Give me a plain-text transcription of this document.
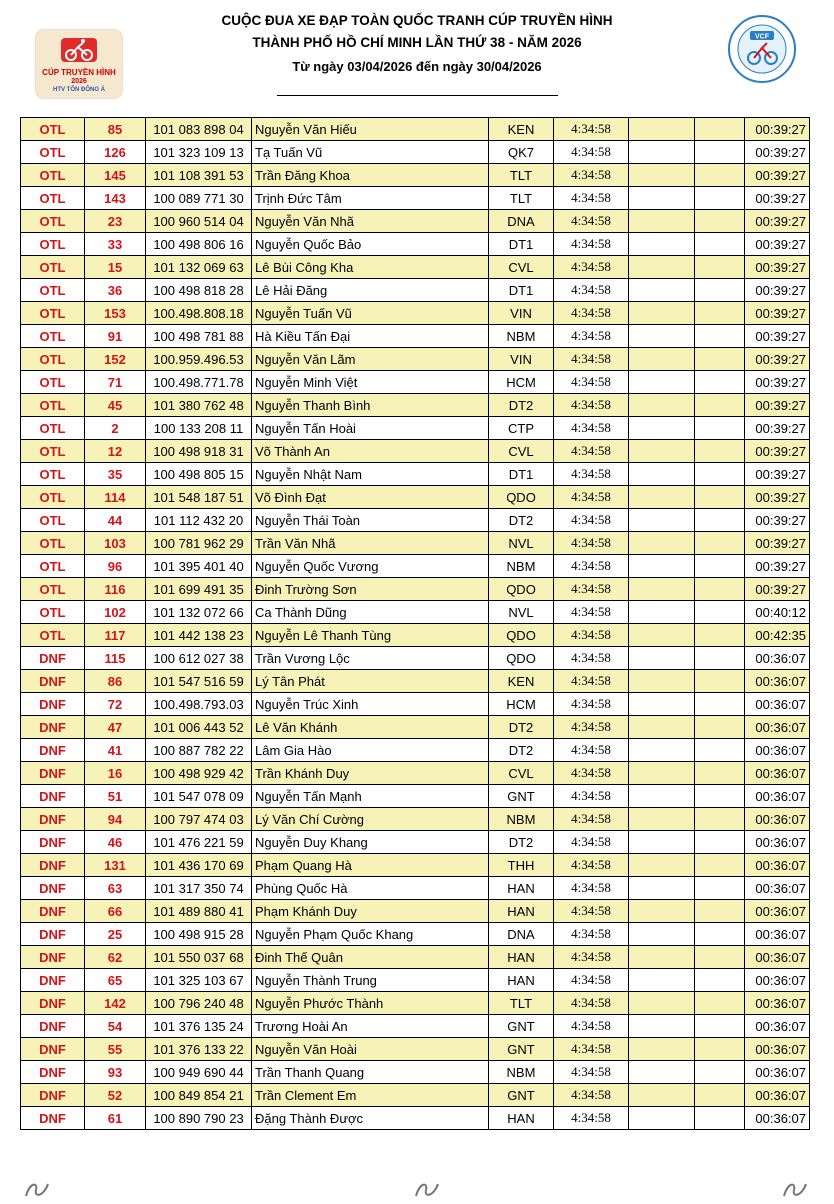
CÚP TRUYỀN HÌNH
2026
HTV TÔN ĐÔNG Á
CUỘC ĐUA XE ĐẠP TOÀN QUỐC TRANH CÚP TRUYỀN HÌNH
THÀNH PHỐ HỒ CHÍ MINH LẦN THỨ 38 - NĂM 2026
Từ ngày 03/04/2026 đến ngày 30/04/2026
VCF
OTL	85	101 083 898 04	Nguyễn Văn Hiếu	KEN	4:34:58			00:39:27
OTL	126	101 323 109 13	Tạ Tuấn Vũ	QK7	4:34:58			00:39:27
OTL	145	101 108 391 53	Trần Đăng Khoa	TLT	4:34:58			00:39:27
OTL	143	100 089 771 30	Trịnh Đức Tâm	TLT	4:34:58			00:39:27
OTL	23	100 960 514 04	Nguyễn Văn Nhã	DNA	4:34:58			00:39:27
OTL	33	100 498 806 16	Nguyễn Quốc Bảo	DT1	4:34:58			00:39:27
OTL	15	101 132 069 63	Lê Bùi Công Kha	CVL	4:34:58			00:39:27
OTL	36	100 498 818 28	Lê Hải Đăng	DT1	4:34:58			00:39:27
OTL	153	100.498.808.18	Nguyễn Tuấn Vũ	VIN	4:34:58			00:39:27
OTL	91	100 498 781 88	Hà Kiều Tấn Đại	NBM	4:34:58			00:39:27
OTL	152	100.959.496.53	Nguyễn Văn Lãm	VIN	4:34:58			00:39:27
OTL	71	100.498.771.78	Nguyễn Minh Việt	HCM	4:34:58			00:39:27
OTL	45	101 380 762 48	Nguyễn Thanh Bình	DT2	4:34:58			00:39:27
OTL	2	100 133 208 11	Nguyễn Tấn Hoài	CTP	4:34:58			00:39:27
OTL	12	100 498 918 31	Võ Thành An	CVL	4:34:58			00:39:27
OTL	35	100 498 805 15	Nguyễn Nhật Nam	DT1	4:34:58			00:39:27
OTL	114	101 548 187 51	Võ Đình Đạt	QDO	4:34:58			00:39:27
OTL	44	101 112 432 20	Nguyễn Thái Toàn	DT2	4:34:58			00:39:27
OTL	103	100 781 962 29	Trần Văn Nhã	NVL	4:34:58			00:39:27
OTL	96	101 395 401 40	Nguyễn Quốc Vương	NBM	4:34:58			00:39:27
OTL	116	101 699 491 35	Đinh Trường Sơn	QDO	4:34:58			00:39:27
OTL	102	101 132 072 66	Ca Thành Dũng	NVL	4:34:58			00:40:12
OTL	117	101 442 138 23	Nguyễn Lê Thanh Tùng	QDO	4:34:58			00:42:35
DNF	115	100 612 027 38	Trần Vương Lộc	QDO	4:34:58			00:36:07
DNF	86	101 547 516 59	Lý Tân Phát	KEN	4:34:58			00:36:07
DNF	72	100.498.793.03	Nguyễn Trúc Xinh	HCM	4:34:58			00:36:07
DNF	47	101 006 443 52	Lê Văn Khánh	DT2	4:34:58			00:36:07
DNF	41	100 887 782 22	Lâm Gia Hào	DT2	4:34:58			00:36:07
DNF	16	100 498 929 42	Trần Khánh Duy	CVL	4:34:58			00:36:07
DNF	51	101 547 078 09	Nguyễn Tấn Mạnh	GNT	4:34:58			00:36:07
DNF	94	100 797 474 03	Lý Văn Chí Cường	NBM	4:34:58			00:36:07
DNF	46	101 476 221 59	Nguyễn Duy Khang	DT2	4:34:58			00:36:07
DNF	131	101 436 170 69	Phạm Quang Hà	THH	4:34:58			00:36:07
DNF	63	101 317 350 74	Phùng Quốc Hà	HAN	4:34:58			00:36:07
DNF	66	101 489 880 41	Phạm Khánh Duy	HAN	4:34:58			00:36:07
DNF	25	100 498 915 28	Nguyễn Phạm Quốc Khang	DNA	4:34:58			00:36:07
DNF	62	101 550 037 68	Đinh Thế Quân	HAN	4:34:58			00:36:07
DNF	65	101 325 103 67	Nguyễn Thành Trung	HAN	4:34:58			00:36:07
DNF	142	100 796 240 48	Nguyễn Phước Thành	TLT	4:34:58			00:36:07
DNF	54	101 376 135 24	Trương Hoài An	GNT	4:34:58			00:36:07
DNF	55	101 376 133 22	Nguyễn Văn Hoài	GNT	4:34:58			00:36:07
DNF	93	100 949 690 44	Trần Thanh Quang	NBM	4:34:58			00:36:07
DNF	52	100 849 854 21	Trần Clement Em	GNT	4:34:58			00:36:07
DNF	61	100 890 790 23	Đặng Thành Được	HAN	4:34:58			00:36:07
